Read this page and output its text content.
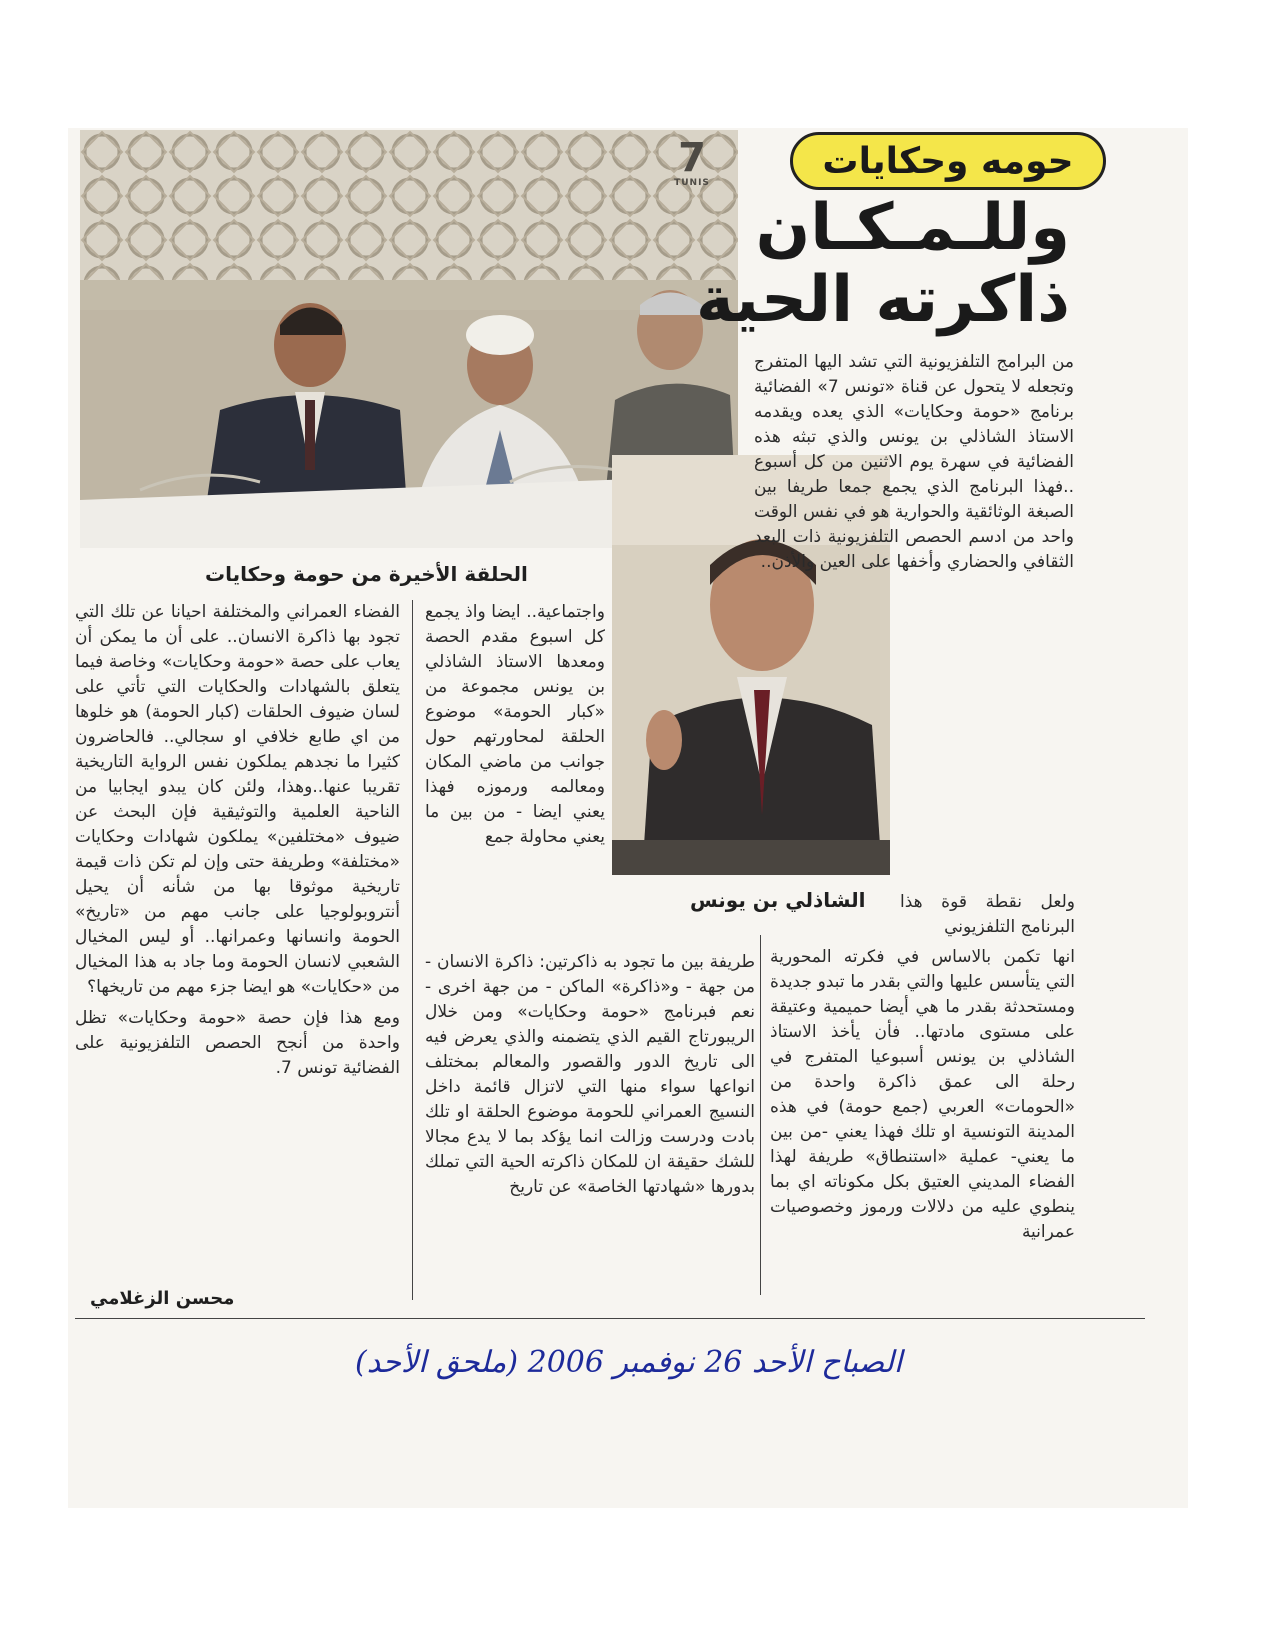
7
TUNIS
حومه وحكايات
وللـمـكـان
ذاكرته الحية

من البرامج التلفزيونية التي تشد اليها المتفرج وتجعله لا يتحول عن قناة «تونس 7» الفضائية برنامج «حومة وحكايات» الذي يعده ويقدمه الاستاذ الشاذلي بن يونس والذي تبثه هذه الفضائية في سهرة يوم الاثنين من كل أسبوع ..فهذا البرنامج الذي يجمع جمعا طريفا بين الصبغة الوثائقية والحوارية هو في نفس الوقت واحد من ادسم الحصص التلفزيونية ذات البعد الثقافي والحضاري وأخفها على العين والأذن..

ولعل نقطة قوة هذا البرنامج التلفزيوني

انها تكمن بالاساس في فكرته المحورية التي يتأسس عليها والتي بقدر ما تبدو جديدة ومستحدثة بقدر ما هي أيضا حميمية وعتيقة على مستوى مادتها.. فأن يأخذ الاستاذ الشاذلي بن يونس أسبوعيا المتفرج في رحلة الى عمق ذاكرة واحدة من «الحومات» العربي (جمع حومة) في هذه المدينة التونسية او تلك فهذا يعني -من بين ما يعني- عملية «استنطاق» طريفة لهذا الفضاء المديني العتيق بكل مكوناته اي بما ينطوي عليه من دلالات ورموز وخصوصيات عمرانية

واجتماعية.. ايضا واذ يجمع كل اسبوع مقدم الحصة ومعدها الاستاذ الشاذلي بن يونس مجموعة من «كبار الحومة» موضوع الحلقة لمحاورتهم حول جوانب من ماضي المكان ومعالمه ورموزه فهذا يعني ايضا - من بين ما يعني محاولة جمع

طريفة بين ما تجود به ذاكرتين: ذاكرة الانسان - من جهة - و«ذاكرة» الماكن - من جهة اخرى - نعم فبرنامج «حومة وحكايات» ومن خلال الريبورتاج القيم الذي يتضمنه والذي يعرض فيه الى تاريخ الدور والقصور والمعالم بمختلف انواعها سواء منها التي لاتزال قائمة داخل النسيج العمراني للحومة موضوع الحلقة او تلك بادت ودرست وزالت انما يؤكد بما لا يدع مجالا للشك حقيقة ان للمكان ذاكرته الحية التي تملك بدورها «شهادتها الخاصة» عن تاريخ

الفضاء العمراني والمختلفة احيانا عن تلك التي تجود بها ذاكرة الانسان.. على أن ما يمكن أن يعاب على حصة «حومة وحكايات» وخاصة فيما يتعلق بالشهادات والحكايات التي تأتي على لسان ضيوف الحلقات (كبار الحومة) هو خلوها من اي طابع خلافي او سجالي.. فالحاضرون كثيرا ما نجدهم يملكون نفس الرواية التاريخية تقريبا عنها..وهذا، ولئن كان يبدو ايجابيا من الناحية العلمية والتوثيقية فإن البحث عن ضيوف «مختلفين» يملكون شهادات وحكايات «مختلفة» وطريفة حتى وإن لم تكن ذات قيمة تاريخية موثوقا بها من شأنه أن يحيل أنتروبولوجيا على جانب مهم من «تاريخ» الحومة وانسانها وعمرانها.. أو ليس المخيال الشعبي لانسان الحومة وما جاد به هذا المخيال من «حكايات» هو ايضا جزء مهم من تاريخها؟

ومع هذا فإن حصة «حومة وحكايات» تظل واحدة من أنجح الحصص التلفزيونية على الفضائية تونس 7.

محسن الزغلامي
الحلقة الأخيرة من حومة وحكايات
الشاذلي بن يونس
الصباح الأحد 26 نوفمبر 2006 (ملحق الأحد)
